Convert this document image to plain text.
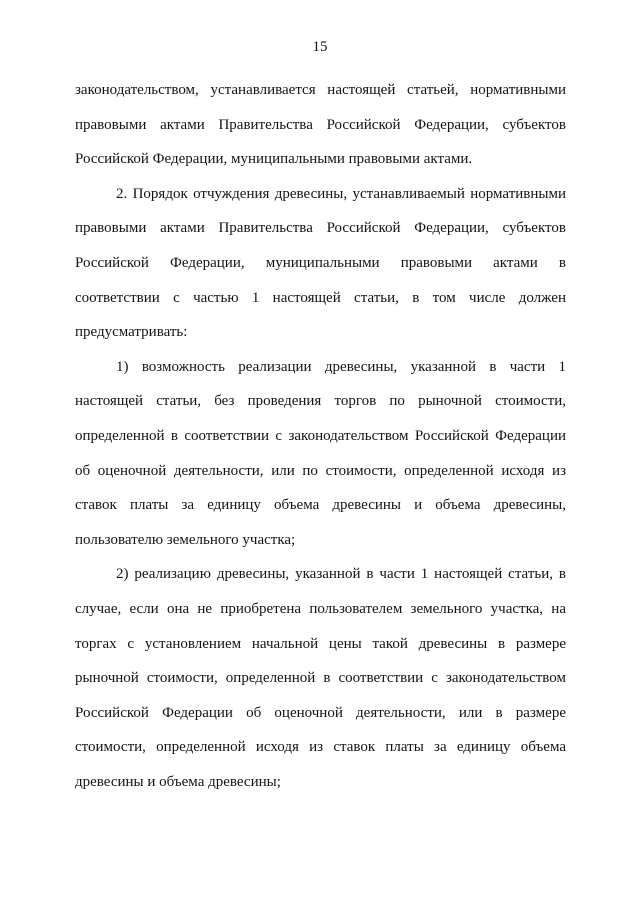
15

законодательством, устанавливается настоящей статьей, нормативными правовыми актами Правительства Российской Федерации, субъектов Российской Федерации, муниципальными правовыми актами.

2. Порядок отчуждения древесины, устанавливаемый нормативными правовыми актами Правительства Российской Федерации, субъектов Российской Федерации, муниципальными правовыми актами в соответствии с частью 1 настоящей статьи, в том числе должен предусматривать:

1) возможность реализации древесины, указанной в части 1 настоящей статьи, без проведения торгов по рыночной стоимости, определенной в соответствии с законодательством Российской Федерации об оценочной деятельности, или по стоимости, определенной исходя из ставок платы за единицу объема древесины и объема древесины, пользователю земельного участка;

2) реализацию древесины, указанной в части 1 настоящей статьи, в случае, если она не приобретена пользователем земельного участка, на торгах с установлением начальной цены такой древесины в размере рыночной стоимости, определенной в соответствии с законодательством Российской Федерации об оценочной деятельности, или в размере стоимости, определенной исходя из ставок платы за единицу объема древесины и объема древесины;
